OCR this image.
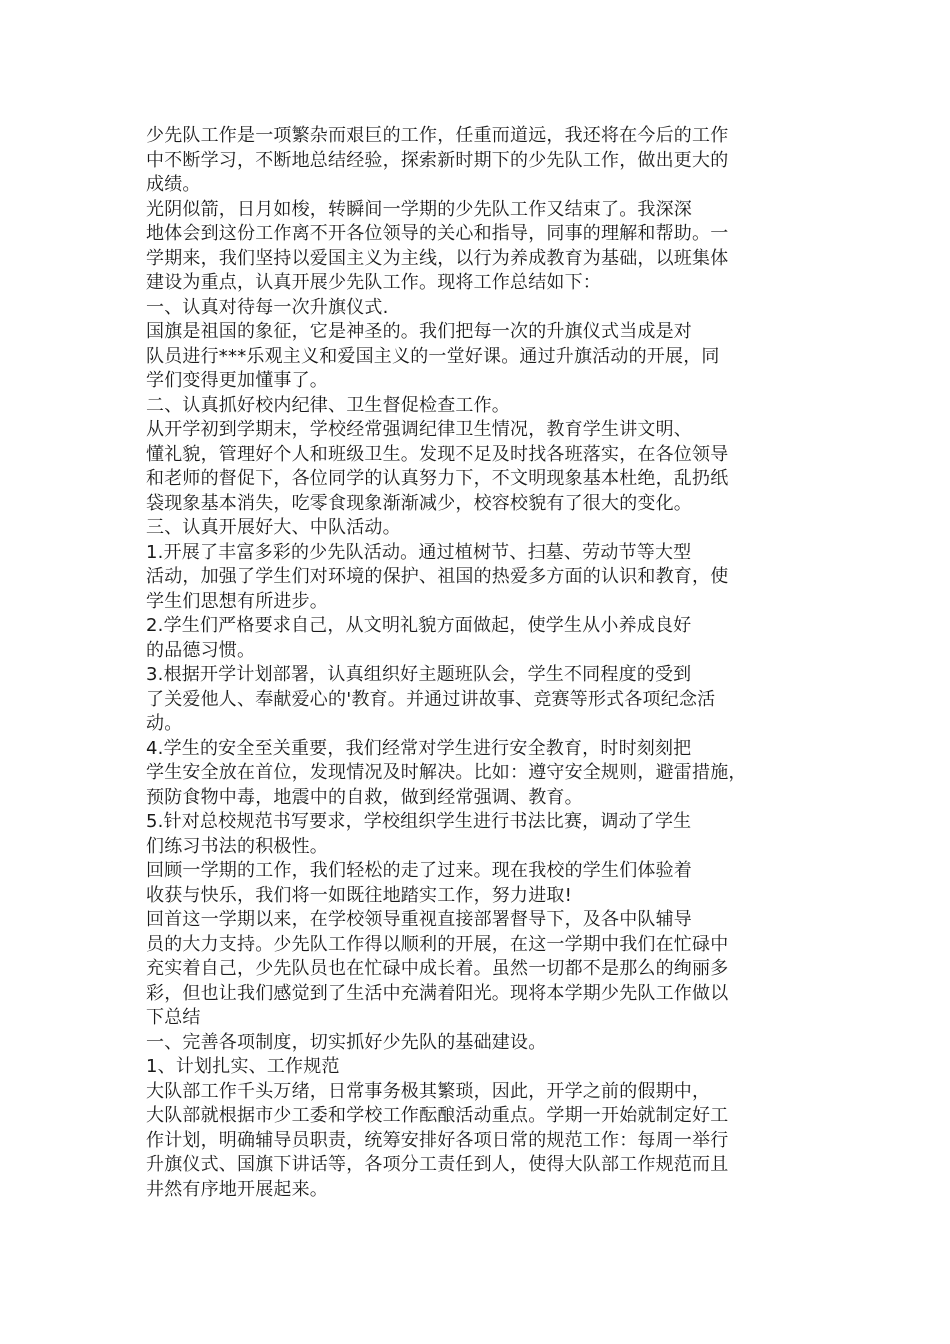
少先队工作是一项繁杂而艰巨的工作，任重而道远，我还将在今后的工作
中不断学习，不断地总结经验，探索新时期下的少先队工作，做出更大的
成绩。
光阴似箭，日月如梭，转瞬间一学期的少先队工作又结束了。我深深
地体会到这份工作离不开各位领导的关心和指导，同事的理解和帮助。一
学期来，我们坚持以爱国主义为主线，以行为养成教育为基础，以班集体
建设为重点，认真开展少先队工作。现将工作总结如下：
一、认真对待每一次升旗仪式.
国旗是祖国的象征，它是神圣的。我们把每一次的升旗仪式当成是对
队员进行***乐观主义和爱国主义的一堂好课。通过升旗活动的开展，同
学们变得更加懂事了。
二、认真抓好校内纪律、卫生督促检查工作。
从开学初到学期末，学校经常强调纪律卫生情况，教育学生讲文明、
懂礼貌，管理好个人和班级卫生。发现不足及时找各班落实，在各位领导
和老师的督促下，各位同学的认真努力下，不文明现象基本杜绝，乱扔纸
袋现象基本消失，吃零食现象渐渐减少，校容校貌有了很大的变化。
三、认真开展好大、中队活动。
1.开展了丰富多彩的少先队活动。通过植树节、扫墓、劳动节等大型
活动，加强了学生们对环境的保护、祖国的热爱多方面的认识和教育，使
学生们思想有所进步。
2.学生们严格要求自己，从文明礼貌方面做起，使学生从小养成良好
的品德习惯。
3.根据开学计划部署，认真组织好主题班队会，学生不同程度的受到
了关爱他人、奉献爱心的'教育。并通过讲故事、竞赛等形式各项纪念活
动。
4.学生的安全至关重要，我们经常对学生进行安全教育，时时刻刻把
学生安全放在首位，发现情况及时解决。比如：遵守安全规则，避雷措施，
预防食物中毒，地震中的自救，做到经常强调、教育。
5.针对总校规范书写要求，学校组织学生进行书法比赛，调动了学生
们练习书法的积极性。
回顾一学期的工作，我们轻松的走了过来。现在我校的学生们体验着
收获与快乐，我们将一如既往地踏实工作，努力进取!
回首这一学期以来，在学校领导重视直接部署督导下，及各中队辅导
员的大力支持。少先队工作得以顺利的开展，在这一学期中我们在忙碌中
充实着自己，少先队员也在忙碌中成长着。虽然一切都不是那么的绚丽多
彩，但也让我们感觉到了生活中充满着阳光。现将本学期少先队工作做以
下总结
一、完善各项制度，切实抓好少先队的基础建设。
1、计划扎实、工作规范
大队部工作千头万绪，日常事务极其繁琐，因此，开学之前的假期中，
大队部就根据市少工委和学校工作酝酿活动重点。学期一开始就制定好工
作计划，明确辅导员职责，统筹安排好各项日常的规范工作：每周一举行
升旗仪式、国旗下讲话等，各项分工责任到人，使得大队部工作规范而且
井然有序地开展起来。
